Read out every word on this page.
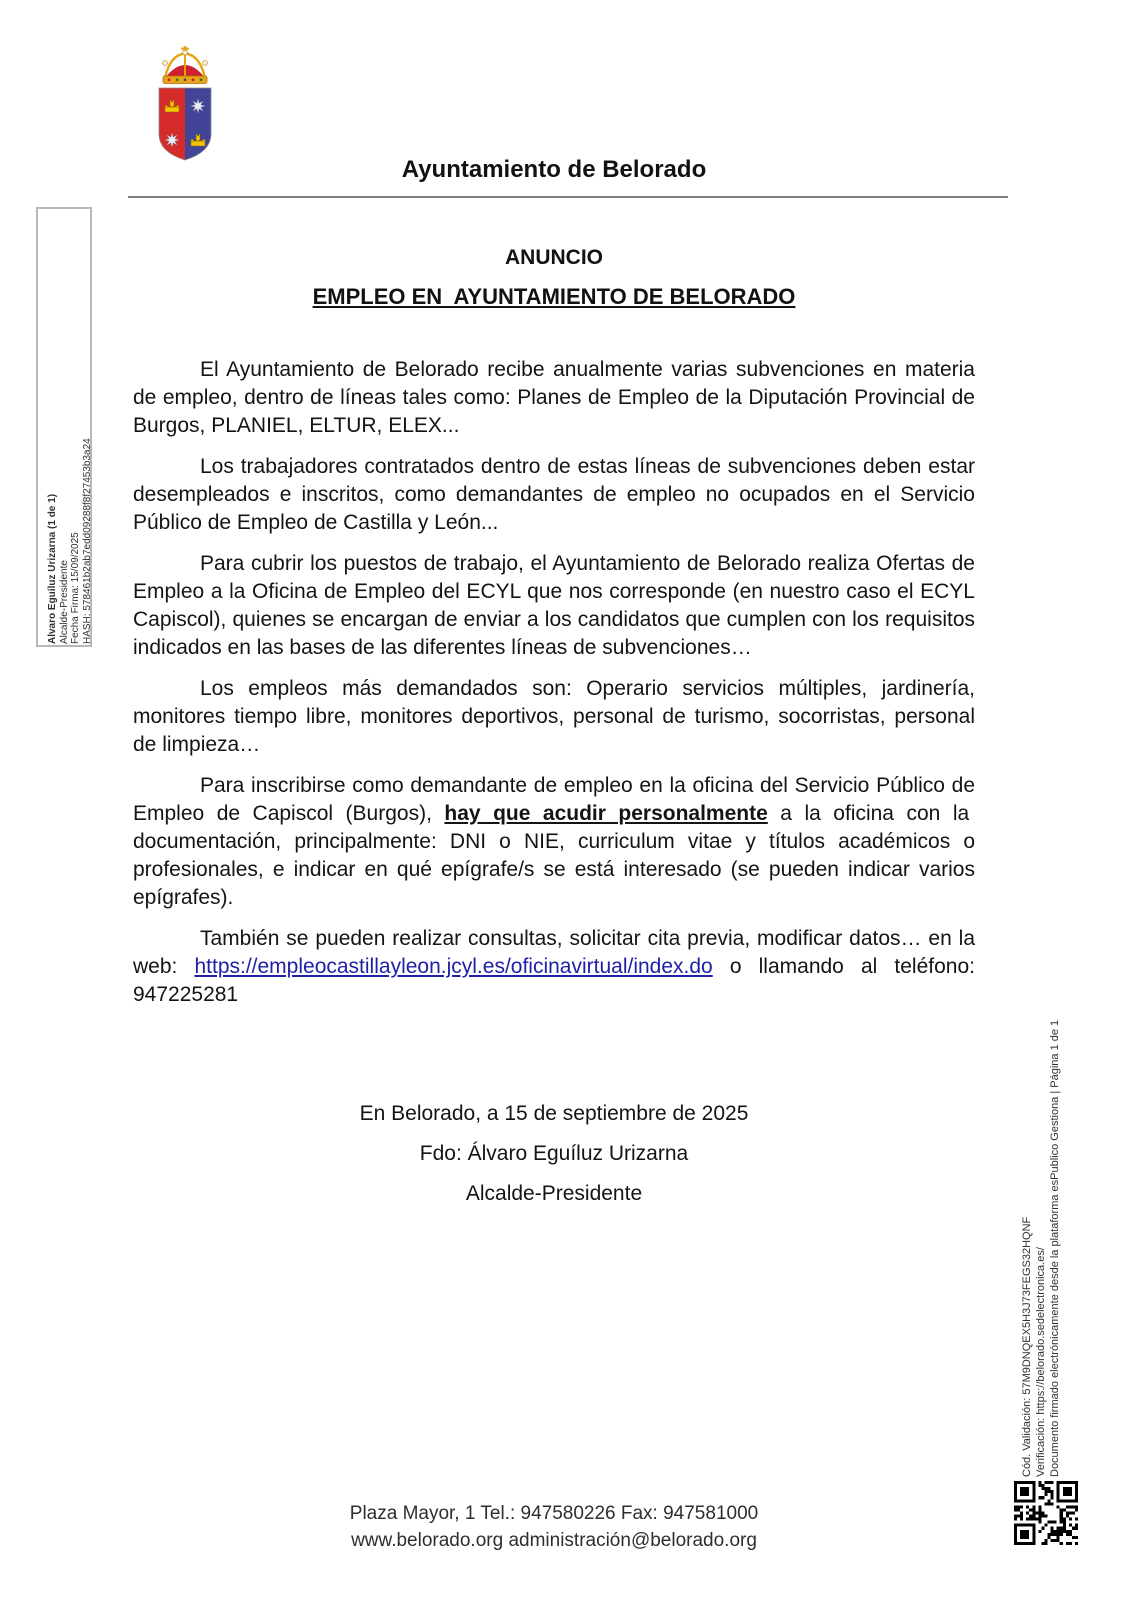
Ayuntamiento de Belorado
Alvaro Eguíluz Urizarna (1 de 1) Alcalde-Presidente Fecha Firma: 15/09/2025 HASH: 578461b2ab7edd09288f8f27453b3a24
ANUNCIO
EMPLEO EN  AYUNTAMIENTO DE BELORADO

El Ayuntamiento de Belorado recibe anualmente varias subvenciones en materia de empleo, dentro de líneas tales como: Planes de Empleo de la Diputación Provincial de Burgos, PLANIEL, ELTUR, ELEX...

Los trabajadores contratados dentro de estas líneas de subvenciones deben estar desempleados e inscritos, como demandantes de empleo no ocupados en el Servicio Público de Empleo de Castilla y León...

Para cubrir los puestos de trabajo, el Ayuntamiento de Belorado realiza Ofertas de Empleo a la Oficina de Empleo del ECYL que nos corresponde (en nuestro caso el ECYL Capiscol), quienes se encargan de enviar a los candidatos que cumplen con los requisitos indicados en las bases de las diferentes líneas de subvenciones…

Los empleos más demandados son: Operario servicios múltiples, jardinería, monitores tiempo libre, monitores deportivos, personal de turismo, socorristas, personal de limpieza…

Para inscribirse como demandante de empleo en la oficina del Servicio Público de Empleo de Capiscol (Burgos), hay que acudir personalmente a la oficina con la  documentación, principalmente: DNI o NIE, curriculum vitae y títulos académicos o profesionales, e indicar en qué epígrafe/s se está interesado (se pueden indicar varios epígrafes).

También se pueden realizar consultas, solicitar cita previa, modificar datos… en la web: https://empleocastillayleon.jcyl.es/oficinavirtual/index.do o llamando al teléfono: 947225281

En Belorado, a 15 de septiembre de 2025
Fdo: Álvaro Eguíluz Urizarna
Alcalde-Presidente
Plaza Mayor, 1 Tel.: 947580226 Fax: 947581000
www.belorado.org administración@belorado.org
Cód. Validación: 57M9DNQEX5H3J73FEGS32HQNF Verificación: https://belorado.sedelectronica.es/ Documento firmado electrónicamente desde la plataforma esPublico Gestiona | Página 1 de 1
